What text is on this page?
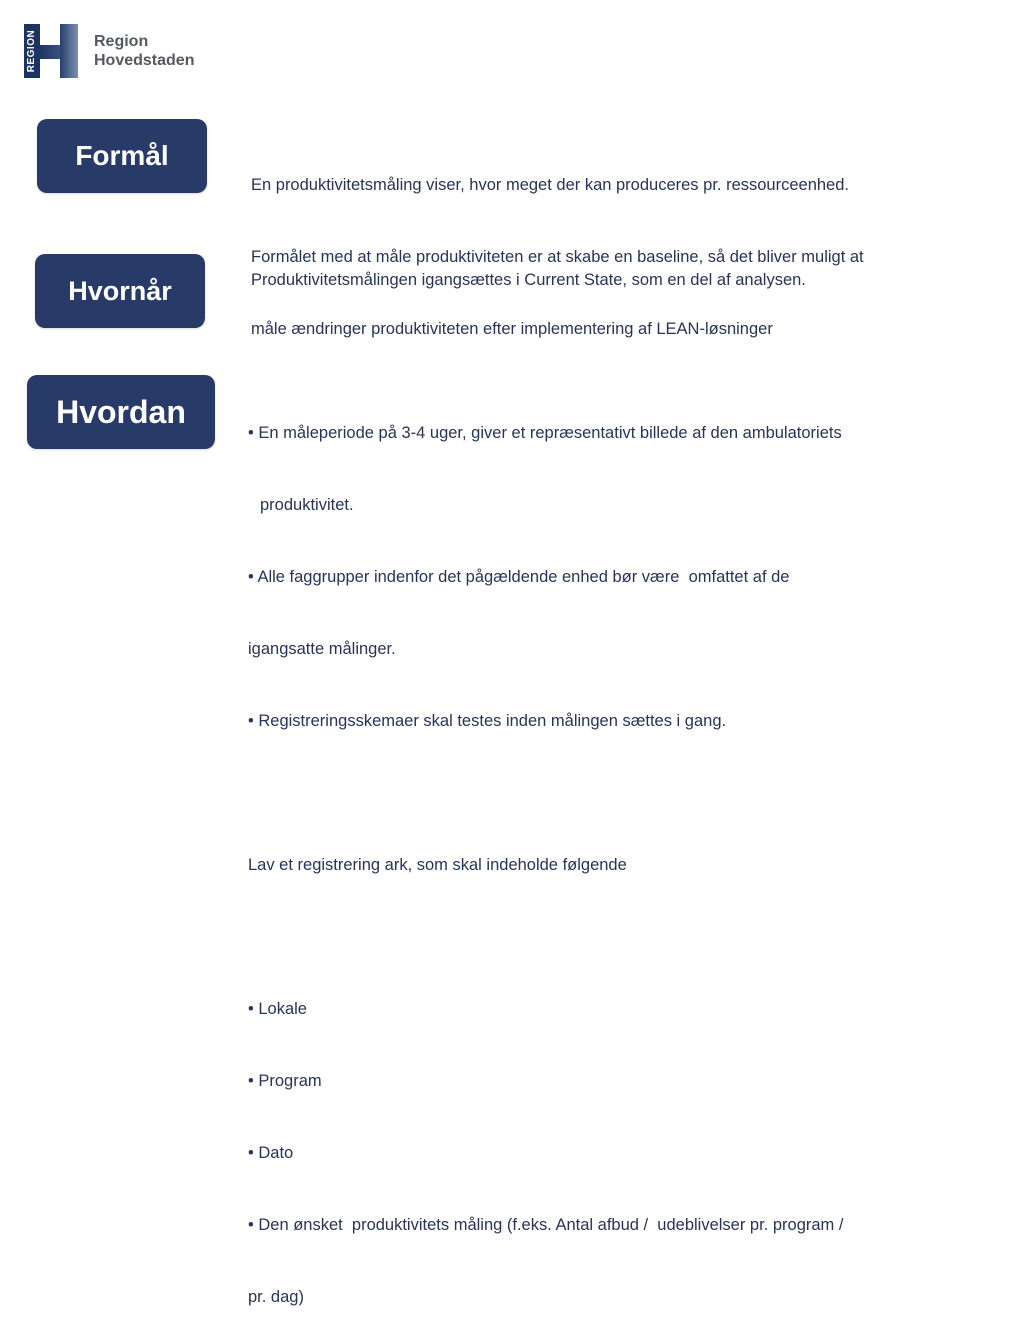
REGION	Region
Hovedstaden
Formål

En produktivitetsmåling viser, hvor meget der kan produceres pr. ressourceenhed.

Formålet med at måle produktiviteten er at skabe en baseline, så det bliver muligt at

måle ændringer produktiviteten efter implementering af LEAN-løsninger

Hvornår	Produktivitetsmålingen igangsættes i Current State, som en del af analysen.
Hvordan

• En måleperiode på 3-4 uger, giver et repræsentativt billede af den ambulatoriets

produktivitet.

• Alle faggrupper indenfor det pågældende enhed bør være  omfattet af de

igangsatte målinger.

• Registreringsskemaer skal testes inden målingen sættes i gang.

Lav et registrering ark, som skal indeholde følgende

• Lokale

• Program

• Dato

• Den ønsket  produktivitets måling (f.eks. Antal afbud /  udeblivelser pr. program /

pr. dag)
